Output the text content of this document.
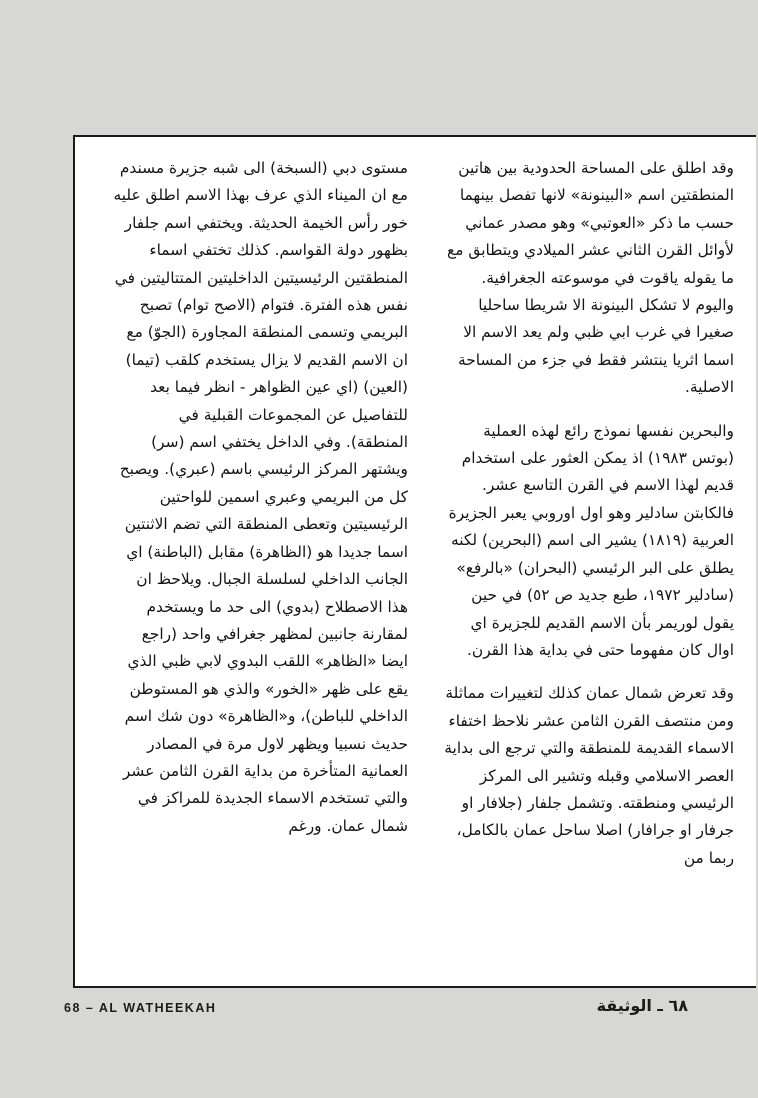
وقد اطلق على المساحة الحدودية بين هاتين المنطقتين اسم «البينونة» لانها تفصل بينهما حسب ما ذكر «العوتبي» وهو مصدر عماني لأوائل القرن الثاني عشر الميلادي ويتطابق مع ما يقوله ياقوت في موسوعته الجغرافية. واليوم لا تشكل البينونة الا شريطا ساحليا صغيرا في غرب ابي ظبي ولم يعد الاسم الا اسما اثريا ينتشر فقط في جزء من المساحة الاصلية.

والبحرين نفسها نموذج رائع لهذه العملية (بوتس ١٩٨٣) اذ يمكن العثور على استخدام قديم لهذا الاسم في القرن التاسع عشر. فالكابتن سادلير وهو اول اوروبي يعبر الجزيرة العربية (١٨١٩) يشير الى اسم (البحرين) لكنه يطلق على البر الرئيسي (البحران) «بالرفع» (سادلير ١٩٧٢، طبع جديد ص ٥٢) في حين يقول لوريمر بأن الاسم القديم للجزيرة اي اوال كان مفهوما حتى في بداية هذا القرن.

وقد تعرض شمال عمان كذلك لتغييرات مماثلة ومن منتصف القرن الثامن عشر نلاحظ اختفاء الاسماء القديمة للمنطقة والتي ترجع الى بداية العصر الاسلامي وقبله وتشير الى المركز الرئيسي ومنطقته. وتشمل جلفار (جلافار او جرفار او جرافار) اصلا ساحل عمان بالكامل، ربما من

مستوى دبي (السبخة) الى شبه جزيرة مسندم مع ان الميناء الذي عرف بهذا الاسم اطلق عليه خور رأس الخيمة الحديثة. ويختفي اسم جلفار بظهور دولة القواسم. كذلك تختفي اسماء المنطقتين الرئيسيتين الداخليتين المتتاليتين في نفس هذه الفترة. فتوام (الاصح توام) تصبح البريمي وتسمى المنطقة المجاورة (الجوّ) مع ان الاسم القديم لا يزال يستخدم كلقب (تيما) (العين) (اي عين الظواهر - انظر فيما بعد للتفاصيل عن المجموعات القبلية في المنطقة). وفي الداخل يختفي اسم (سر) ويشتهر المركز الرئيسي باسم (عبري). ويصبح كل من البريمي وعبري اسمين للواحتين الرئيسيتين وتعطى المنطقة التي تضم الاثنتين اسما جديدا هو (الظاهرة) مقابل (الباطنة) اي الجانب الداخلي لسلسلة الجبال. ويلاحظ ان هذا الاصطلاح (بدوي) الى حد ما ويستخدم لمقارنة جانبين لمظهر جغرافي واحد (راجع ايضا «الظاهر» اللقب البدوي لابي ظبي الذي يقع على ظهر «الخور» والذي هو المستوطن الداخلي للباطن)، و«الظاهرة» دون شك اسم حديث نسبيا ويظهر لاول مرة في المصادر العمانية المتأخرة من بداية القرن الثامن عشر والتي تستخدم الاسماء الجديدة للمراكز في شمال عمان. ورغم

68 – AL WATHEEKAH	٦٨ ـ الوثيقة
